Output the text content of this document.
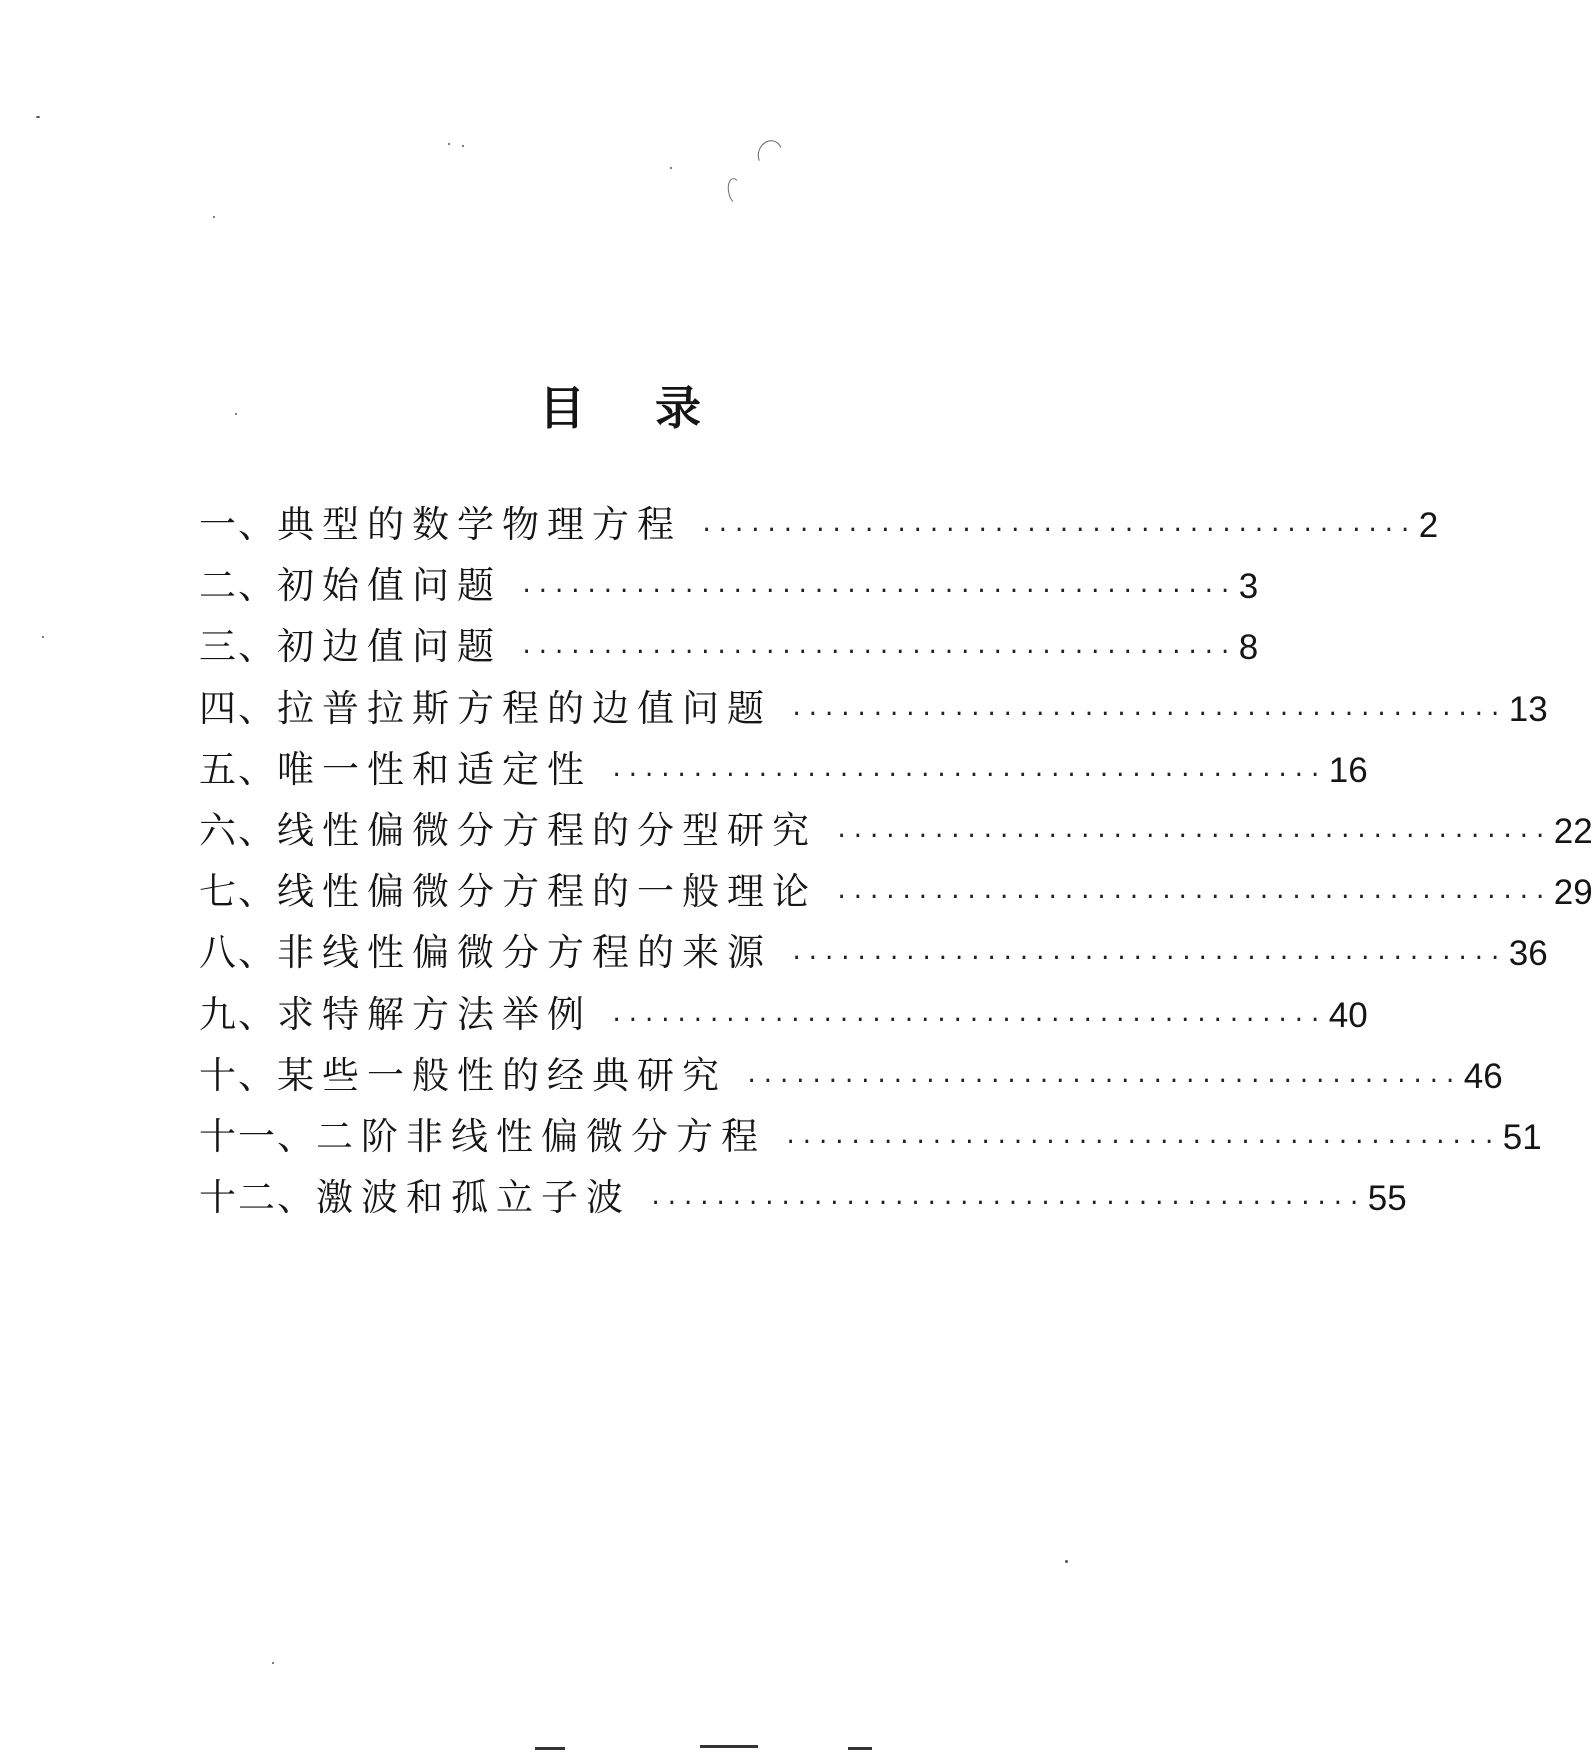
目 录
一、 典型的数学物理方程 ············································ 2
二、 初始值问题 ············································ 3
三、 初边值问题 ············································ 8
四、 拉普拉斯方程的边值问题 ············································ 13
五、 唯一性和适定性 ············································ 16
六、 线性偏微分方程的分型研究 ············································ 22
七、 线性偏微分方程的一般理论 ············································ 29
八、 非线性偏微分方程的来源 ············································ 36
九、 求特解方法举例 ············································ 40
十、 某些一般性的经典研究 ············································ 46
十一、 二阶非线性偏微分方程 ············································ 51
十二、 激波和孤立子波 ············································ 55
